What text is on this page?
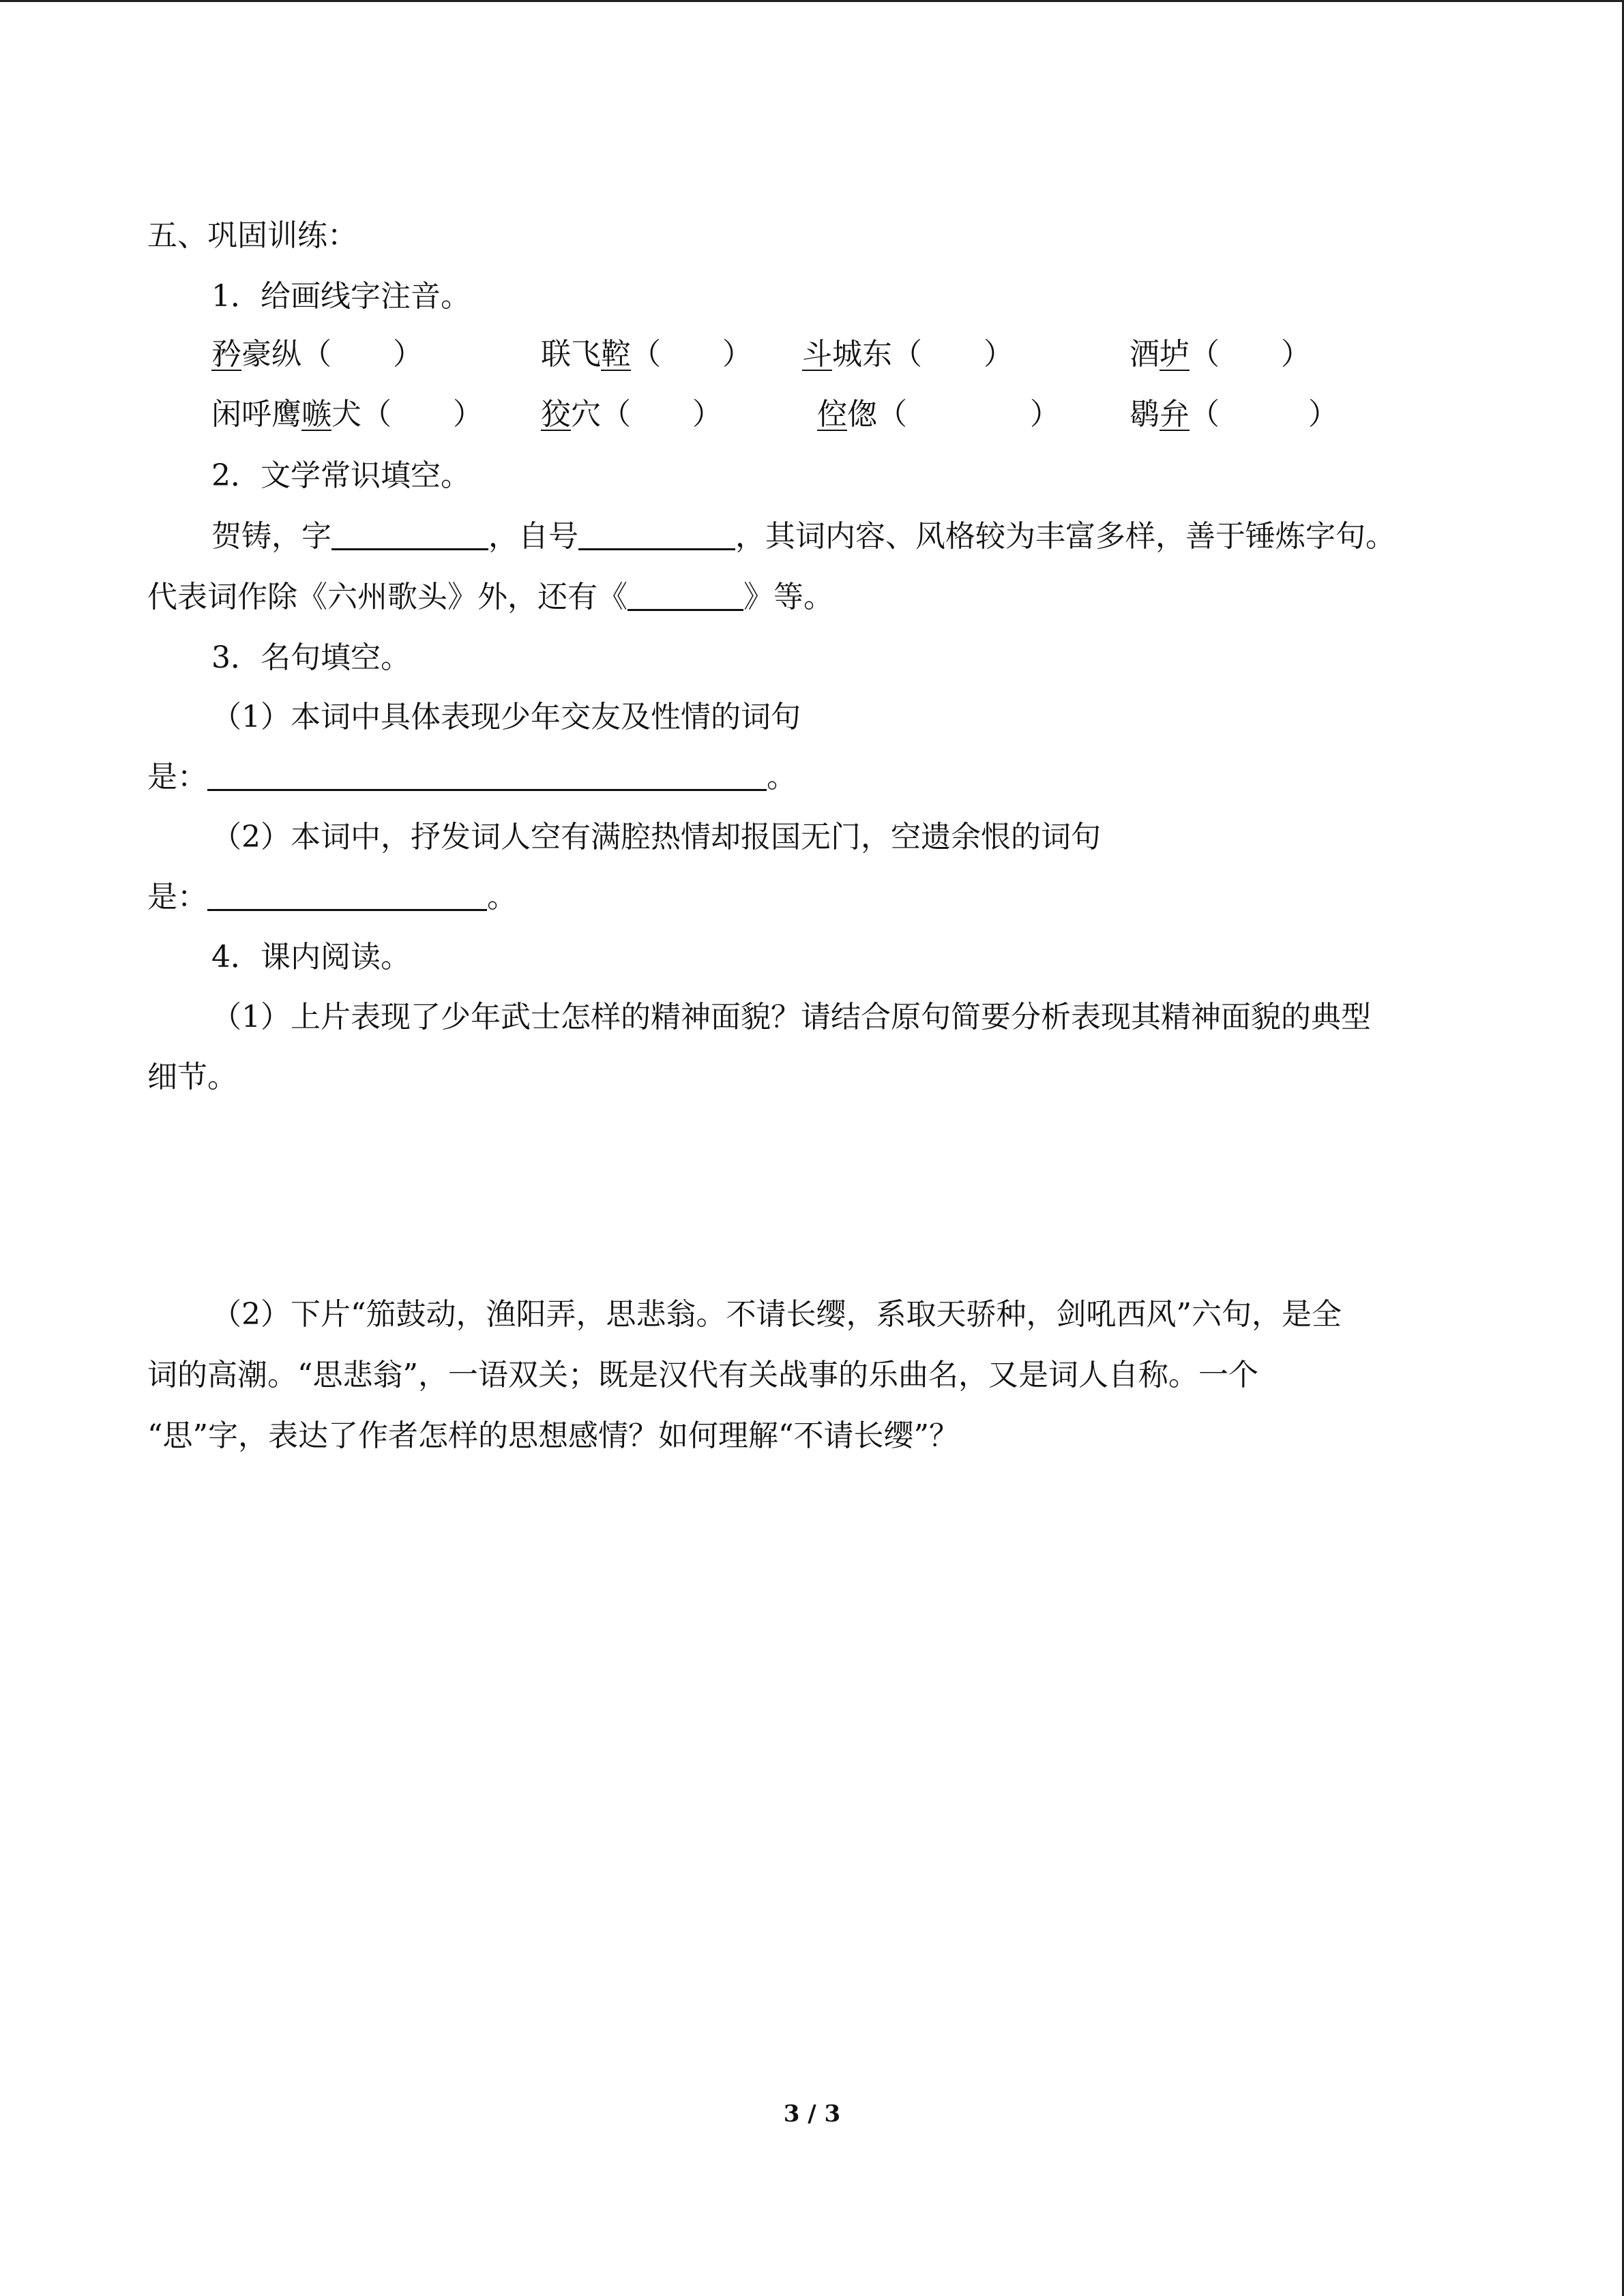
五、巩固训练：
1．给画线字注音。
矜豪纵（ ）	联飞鞚（ ） 斗城东（ ）	酒垆（ ）
闲呼鹰嗾犬（ ） 狡穴（ ）	倥偬（	） 鹖弁（	）
2．文学常识填空。
贺铸，字	，自号	，其词内容、风格较为丰富多样，善于锤炼字句。
代表词作除《六州歌头》外，还有《	》等。
3．名句填空。
（1）本词中具体表现少年交友及性情的词句
是：	。
（2）本词中，抒发词人空有满腔热情却报国无门，空遗余恨的词句
是：	。
4．课内阅读。
（1）上片表现了少年武士怎样的精神面貌？请结合原句简要分析表现其精神面貌的典型
细节。
（2）下片“笳鼓动，渔阳弄，思悲翁。不请长缨，系取天骄种，剑吼西风”六句，是全
词的高潮。“思悲翁”，一语双关；既是汉代有关战事的乐曲名，又是词人自称。一个
“思”字，表达了作者怎样的思想感情？如何理解“不请长缨”？
3 / 3
